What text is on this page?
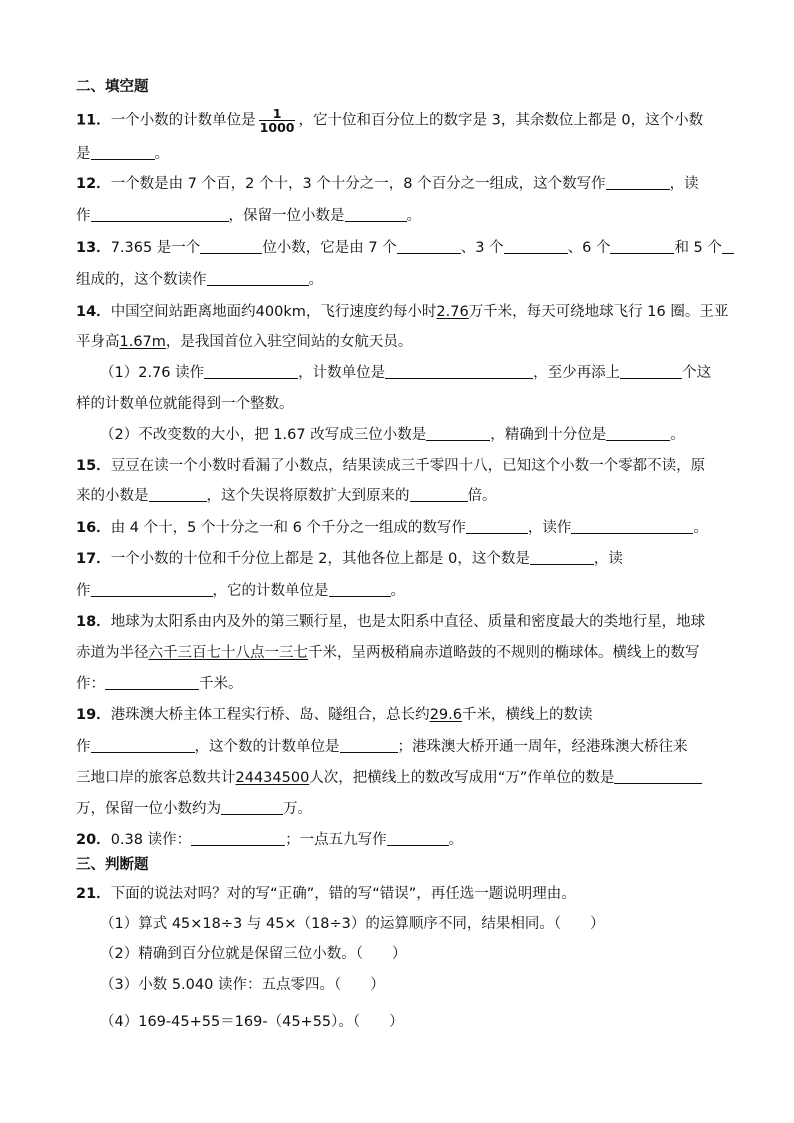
二、填空题
11．一个小数的计数单位是 $\frac{1}{1000}$ ，它十位和百分位上的数字是 3，其余数位上都是 0，这个小数
是	。
12．一个数是由 7 个百，2 个十，3 个十分之一，8 个百分之一组成，这个数写作	，读
作	，保留一位小数是	。
13．7.365 是一个	位小数，它是由 7 个	、3 个	、6 个	和 5 个
组成的，这个数读作	。
14．中国空间站距离地面约400km，飞行速度约每小时2.76万千米，每天可绕地球飞行 16 圈。王亚
平身高1.67m，是我国首位入驻空间站的女航天员。
（1）2.76 读作	，计数单位是	，至少再添上	个这
样的计数单位就能得到一个整数。
（2）不改变数的大小，把 1.67 改写成三位小数是	，精确到十分位是	。
15．豆豆在读一个小数时看漏了小数点，结果读成三千零四十八，已知这个小数一个零都不读，原
来的小数是	，这个失误将原数扩大到原来的	倍。
16．由 4 个十，5 个十分之一和 6 个千分之一组成的数写作	，读作	。
17．一个小数的十位和千分位上都是 2，其他各位上都是 0，这个数是	，读
作	，它的计数单位是	。
18．地球为太阳系由内及外的第三颗行星，也是太阳系中直径、质量和密度最大的类地行星，地球
赤道为半径六千三百七十八点一三七千米，呈两极稍扁赤道略鼓的不规则的椭球体。横线上的数写
作：	千米。
19．港珠澳大桥主体工程实行桥、岛、隧组合，总长约29.6千米，横线上的数读
作	，这个数的计数单位是	；港珠澳大桥开通一周年，经港珠澳大桥往来
三地口岸的旅客总数共计24434500人次，把横线上的数改写成用“万”作单位的数是
万，保留一位小数约为	万。
20．0.38 读作：	；一点五九写作	。
三、判断题
21．下面的说法对吗？对的写“正确”，错的写“错误”，再任选一题说明理由。
（1）算式 45×18÷3 与 45×（18÷3）的运算顺序不同，结果相同。（　　）
（2）精确到百分位就是保留三位小数。（　　）
（3）小数 5.040 读作：五点零四。（　　）
（4）169-45+55＝169-（45+55）。（　　）
